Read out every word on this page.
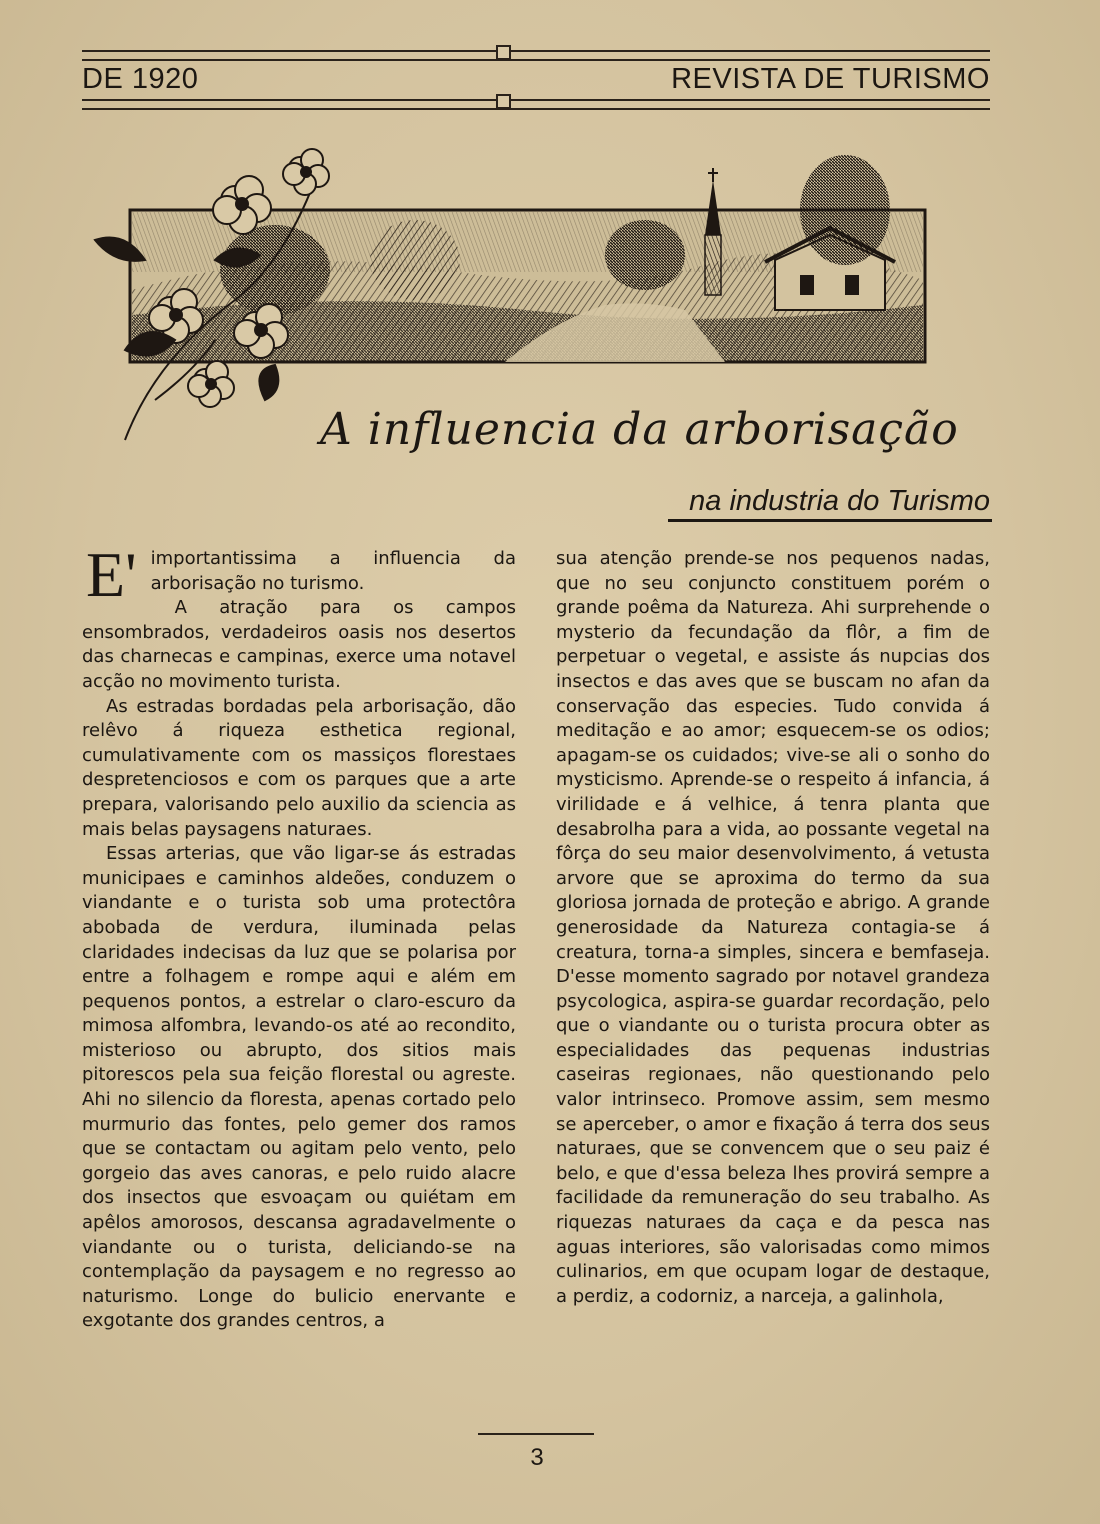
DE 1920	REVISTA DE TURISMO
A influencia da arborisação
na industria do Turismo
E' importantissima a influencia da arborisação no turismo.

A atração para os campos ensombrados, verdadeiros oasis nos desertos das charnecas e campinas, exerce uma notavel acção no movimento turista.

As estradas bordadas pela arborisação, dão relêvo á riqueza esthetica regional, cumulativamente com os massiços florestaes despretenciosos e com os parques que a arte prepara, valorisando pelo auxilio da sciencia as mais belas paysagens naturaes.

Essas arterias, que vão ligar-se ás estradas municipaes e caminhos aldeões, conduzem o viandante e o turista sob uma protectôra abobada de verdura, iluminada pelas claridades indecisas da luz que se polarisa por entre a folhagem e rompe aqui e além em pequenos pontos, a estrelar o claro-escuro da mimosa alfombra, levando-os até ao recondito, misterioso ou abrupto, dos sitios mais pitorescos pela sua feição florestal ou agreste. Ahi no silencio da floresta, apenas cortado pelo murmurio das fontes, pelo gemer dos ramos que se contactam ou agitam pelo vento, pelo gorgeio das aves canoras, e pelo ruido alacre dos insectos que esvoaçam ou quiétam em apêlos amorosos, descansa agradavelmente o viandante ou o turista, deliciando-se na contemplação da paysagem e no regresso ao naturismo. Longe do bulicio enervante e exgotante dos grandes centros, a

sua atenção prende-se nos pequenos nadas, que no seu conjuncto constituem porém o grande poêma da Natureza. Ahi surprehende o mysterio da fecundação da flôr, a fim de perpetuar o vegetal, e assiste ás nupcias dos insectos e das aves que se buscam no afan da conservação das especies. Tudo convida á meditação e ao amor; esquecem-se os odios; apagam-se os cuidados; vive-se ali o sonho do mysticismo. Aprende-se o respeito á infancia, á virilidade e á velhice, á tenra planta que desabrolha para a vida, ao possante vegetal na fôrça do seu maior desenvolvimento, á vetusta arvore que se aproxima do termo da sua gloriosa jornada de proteção e abrigo. A grande generosidade da Natureza contagia-se á creatura, torna-a simples, sincera e bemfaseja. D'esse momento sagrado por notavel grandeza psycologica, aspira-se guardar recordação, pelo que o viandante ou o turista procura obter as especialidades das pequenas industrias caseiras regionaes, não questionando pelo valor intrinseco. Promove assim, sem mesmo se aperceber, o amor e fixação á terra dos seus naturaes, que se convencem que o seu paiz é belo, e que d'essa beleza lhes provirá sempre a facilidade da remuneração do seu trabalho. As riquezas naturaes da caça e da pesca nas aguas interiores, são valorisadas como mimos culinarios, em que ocupam logar de destaque, a perdiz, a codorniz, a narceja, a galinhola,

3
